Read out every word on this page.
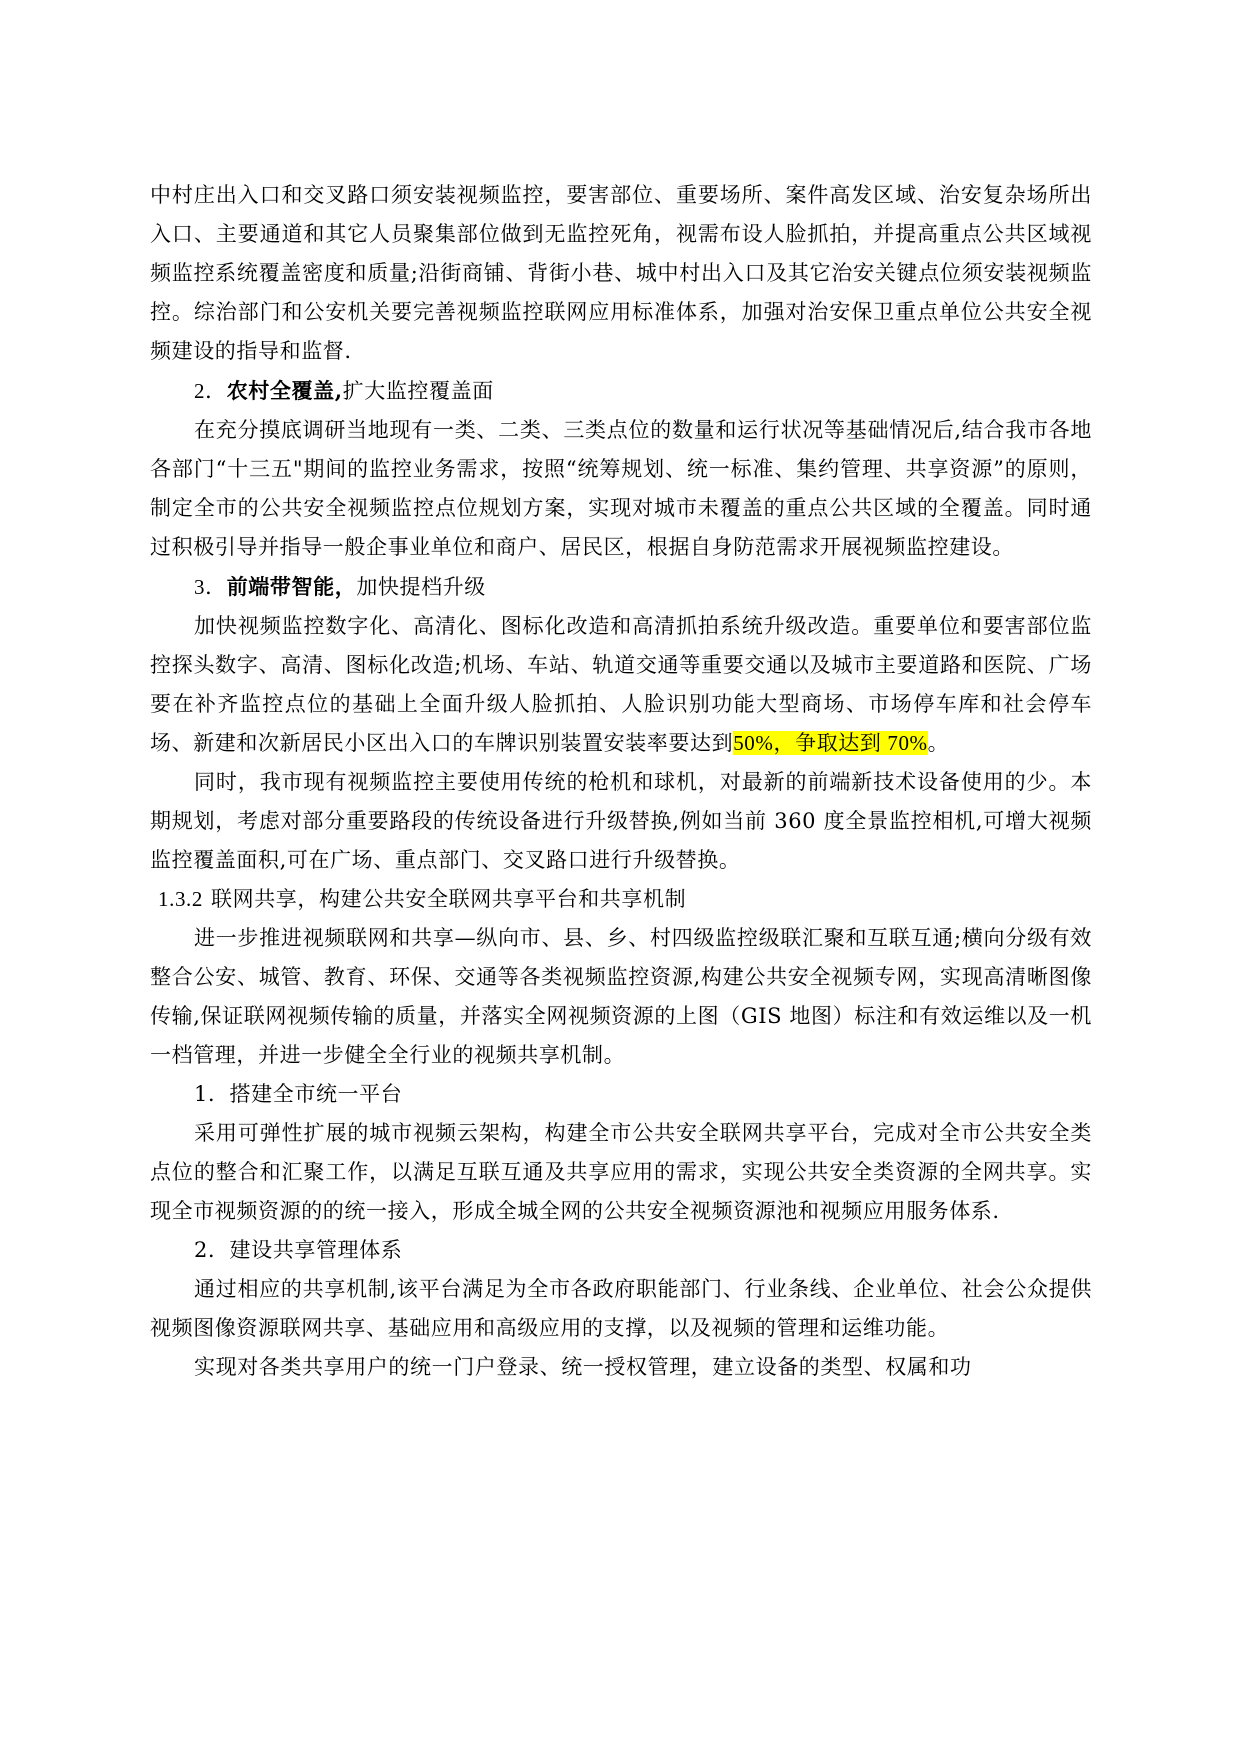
中村庄出入口和交叉路口须安装视频监控，要害部位、重要场所、案件高发区域、治安复杂场所出入口、主要通道和其它人员聚集部位做到无监控死角，视需布设人脸抓拍，并提高重点公共区域视频监控系统覆盖密度和质量;沿街商铺、背街小巷、城中村出入口及其它治安关键点位须安装视频监控。综治部门和公安机关要完善视频监控联网应用标准体系，加强对治安保卫重点单位公共安全视频建设的指导和监督.

2．农村全覆盖,扩大监控覆盖面

在充分摸底调研当地现有一类、二类、三类点位的数量和运行状况等基础情况后,结合我市各地各部门“十三五"期间的监控业务需求，按照“统筹规划、统一标准、集约管理、共享资源”的原则，制定全市的公共安全视频监控点位规划方案，实现对城市未覆盖的重点公共区域的全覆盖。同时通过积极引导并指导一般企事业单位和商户、居民区，根据自身防范需求开展视频监控建设。

3．前端带智能，加快提档升级

加快视频监控数字化、高清化、图标化改造和高清抓拍系统升级改造。重要单位和要害部位监控探头数字、高清、图标化改造;机场、车站、轨道交通等重要交通以及城市主要道路和医院、广场要在补齐监控点位的基础上全面升级人脸抓拍、人脸识别功能大型商场、市场停车库和社会停车场、新建和次新居民小区出入口的车牌识别装置安装率要达到50%，争取达到 70%。

同时，我市现有视频监控主要使用传统的枪机和球机，对最新的前端新技术设备使用的少。本期规划，考虑对部分重要路段的传统设备进行升级替换,例如当前 360 度全景监控相机,可增大视频监控覆盖面积,可在广场、重点部门、交叉路口进行升级替换。

1.3.2 联网共享，构建公共安全联网共享平台和共享机制

进一步推进视频联网和共享—纵向市、县、乡、村四级监控级联汇聚和互联互通;横向分级有效整合公安、城管、教育、环保、交通等各类视频监控资源,构建公共安全视频专网，实现高清晰图像传输,保证联网视频传输的质量，并落实全网视频资源的上图（GIS 地图）标注和有效运维以及一机一档管理，并进一步健全全行业的视频共享机制。

1．搭建全市统一平台

采用可弹性扩展的城市视频云架构，构建全市公共安全联网共享平台，完成对全市公共安全类点位的整合和汇聚工作，以满足互联互通及共享应用的需求，实现公共安全类资源的全网共享。实现全市视频资源的的统一接入，形成全城全网的公共安全视频资源池和视频应用服务体系.

2．建设共享管理体系

通过相应的共享机制,该平台满足为全市各政府职能部门、行业条线、企业单位、社会公众提供视频图像资源联网共享、基础应用和高级应用的支撑，以及视频的管理和运维功能。

实现对各类共享用户的统一门户登录、统一授权管理，建立设备的类型、权属和功
